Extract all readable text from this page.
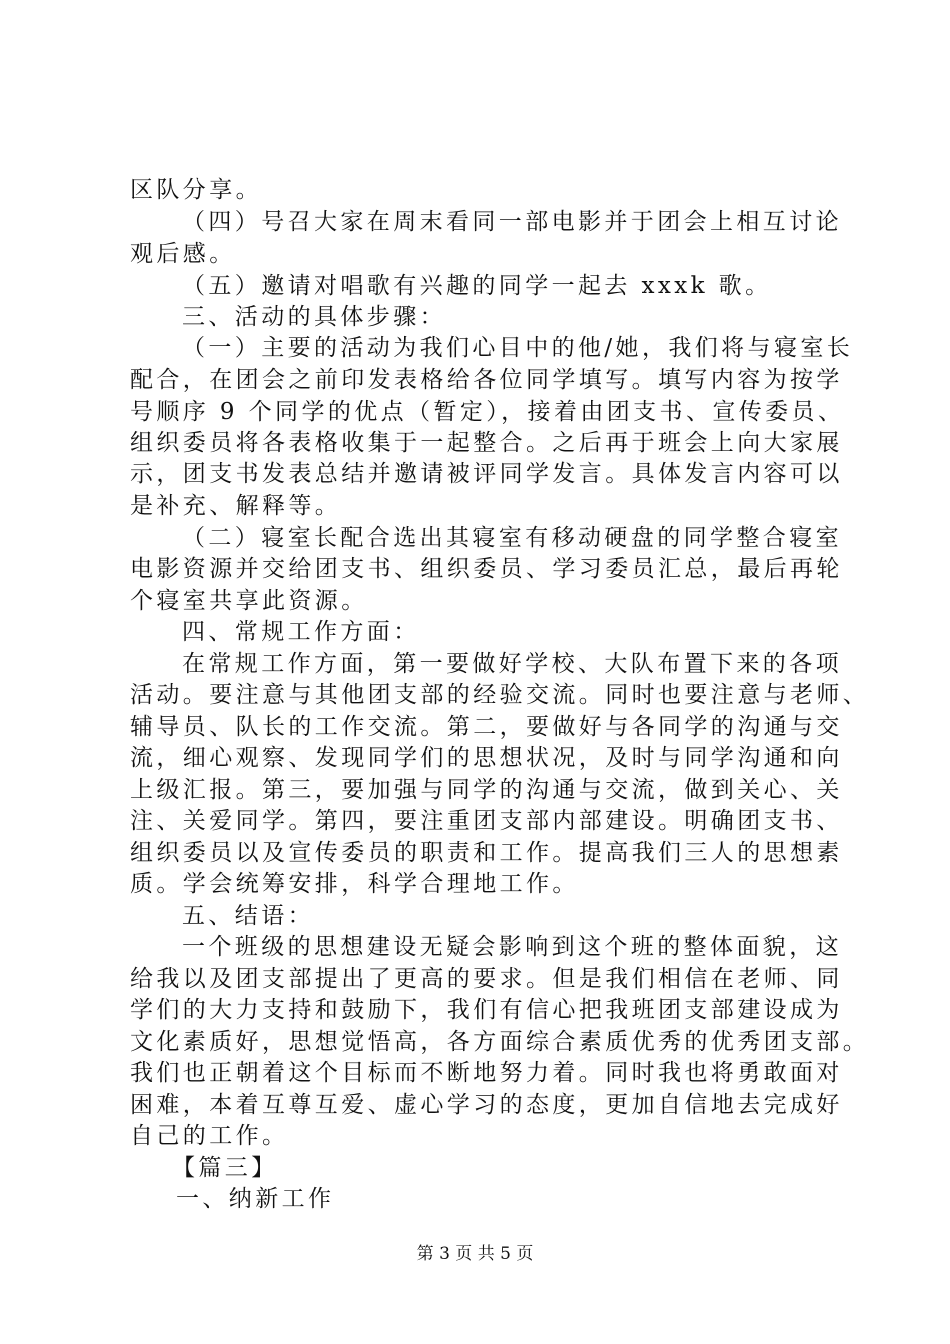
区队分享。
（四）号召大家在周末看同一部电影并于团会上相互讨论
观后感。
（五）邀请对唱歌有兴趣的同学一起去 xxxk 歌。
三、活动的具体步骤：
（一）主要的活动为我们心目中的他/她，我们将与寝室长
配合，在团会之前印发表格给各位同学填写。填写内容为按学
号顺序 9 个同学的优点（暂定），接着由团支书、宣传委员、
组织委员将各表格收集于一起整合。之后再于班会上向大家展
示，团支书发表总结并邀请被评同学发言。具体发言内容可以
是补充、解释等。
（二）寝室长配合选出其寝室有移动硬盘的同学整合寝室
电影资源并交给团支书、组织委员、学习委员汇总，最后再轮
个寝室共享此资源。
四、常规工作方面：
在常规工作方面，第一要做好学校、大队布置下来的各项
活动。要注意与其他团支部的经验交流。同时也要注意与老师、
辅导员、队长的工作交流。第二，要做好与各同学的沟通与交
流，细心观察、发现同学们的思想状况，及时与同学沟通和向
上级汇报。第三，要加强与同学的沟通与交流，做到关心、关
注、关爱同学。第四，要注重团支部内部建设。明确团支书、
组织委员以及宣传委员的职责和工作。提高我们三人的思想素
质。学会统筹安排，科学合理地工作。
五、结语：
一个班级的思想建设无疑会影响到这个班的整体面貌，这
给我以及团支部提出了更高的要求。但是我们相信在老师、同
学们的大力支持和鼓励下，我们有信心把我班团支部建设成为
文化素质好，思想觉悟高，各方面综合素质优秀的优秀团支部。
我们也正朝着这个目标而不断地努力着。同时我也将勇敢面对
困难，本着互尊互爱、虚心学习的态度，更加自信地去完成好
自己的工作。
【篇三】
一、纳新工作
第 3 页 共 5 页
